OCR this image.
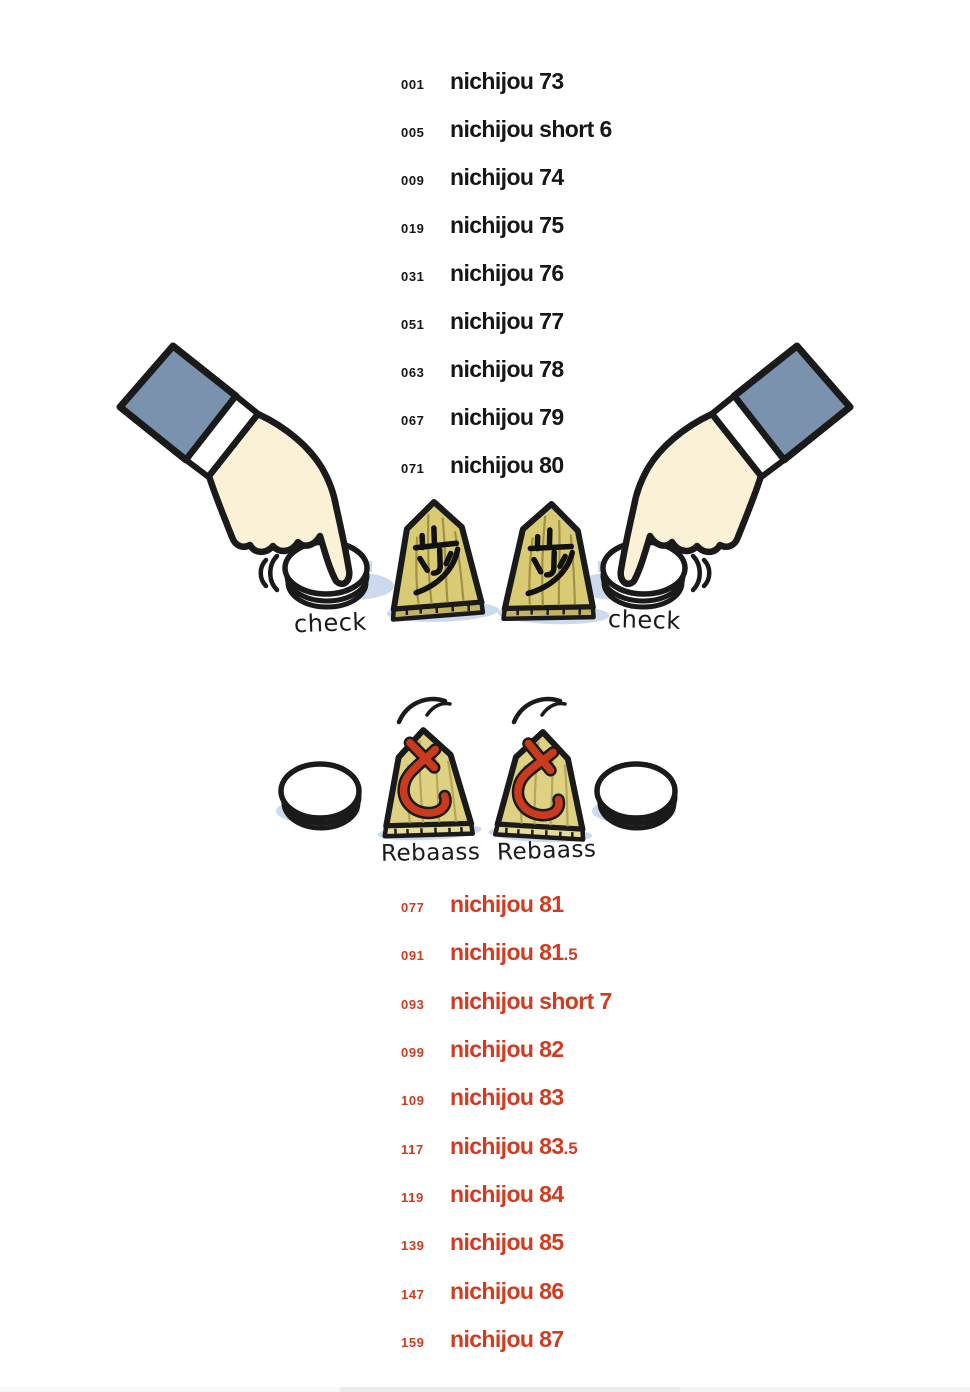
001	nichijou 73
005	nichijou short 6
009	nichijou 74
019	nichijou 75
031	nichijou 76
051	nichijou 77
063	nichijou 78
067	nichijou 79
071	nichijou 80
check	check
Rebaass Rebaass
077	nichijou 81
091	nichijou 81.5
093	nichijou short 7
099	nichijou 82
109	nichijou 83
117	nichijou 83.5
119	nichijou 84
139	nichijou 85
147	nichijou 86
159	nichijou 87
